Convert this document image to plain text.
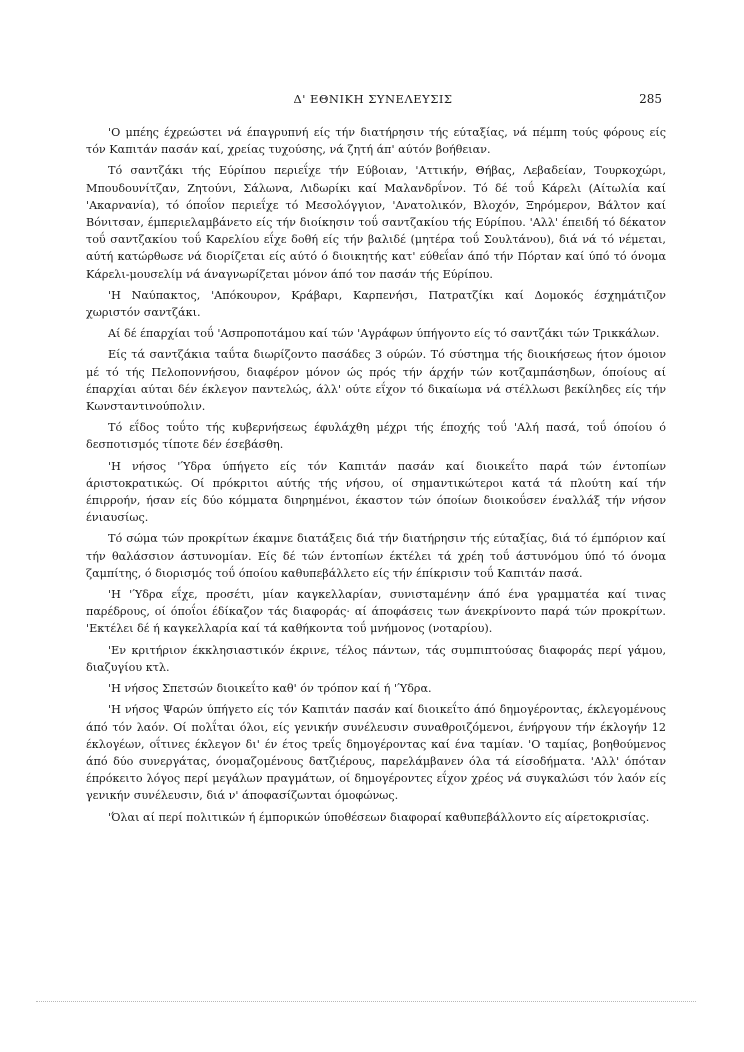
Δ' ΕΘΝΙΚΗ ΣΥΝΕΛΕΥΣΙΣ	285

'Ο μπέης έχρεώστει νά έπαγρυπνή είς τήν διατήρησιν τής εύταξίας, νά πέμπη τούς φόρους είς τόν Καπιτάν πασάν καί, χρείας τυχούσης, νά ζητή άπ' αύτόν βοήθειαν.

Τό σαντζάκι τής Εύρίπου περιεΐχε τήν Εύβοιαν, 'Αττικήν, Θήβας, Λεβαδείαν, Τουρκοχώρι, Μπουδουνίτζαν, Ζητούνι, Σάλωνα, Λιδωρίκι καί Μαλανδρΐνον. Τό δέ τοΰ Κάρελι (Αίτωλία καί 'Ακαρνανία), τό όποΐον περιεΐχε τό Μεσολόγγιον, 'Ανατολικόν, Βλοχόν, Ξηρόμερον, Βάλτον καί Βόνιτσαν, έμπεριελαμβάνετο είς τήν διοίκησιν τοΰ σαντζακίου τής Εύρίπου. 'Αλλ' έπειδή τό δέκατον τοΰ σαντζακίου τοΰ Καρελίου εΐχε δοθή είς τήν βαλιδέ (μητέρα τοΰ Σουλτάνου), διά νά τό νέμεται, αύτή κατώρθωσε νά διορίζεται είς αύτό ό διοικητής κατ' εύθεΐαν άπό τήν Πόρταν καί ύπό τό όνομα Κάρελι-μουσελίμ νά άναγνωρίζεται μόνον άπό τον πασάν τής Εύρίπου.

'Η Ναύπακτος, 'Απόκουρον, Κράβαρι, Καρπενήσι, Πατρατζίκι καί Δομοκός έσχημάτιζον χωριστόν σαντζάκι.

Αί δέ έπαρχίαι τοΰ 'Ασπροποτάμου καί τών 'Αγράφων ύπήγοντο είς τό σαντζάκι τών Τρικκάλων.

Είς τά σαντζάκια ταΰτα διωρίζοντο πασάδες 3 ούρών. Τό σύστημα τής διοικήσεως ήτον όμοιον μέ τό τής Πελοποννήσου, διαφέρον μόνον ώς πρός τήν άρχήν τών κοτζαμπάσηδων, όποίους αί έπαρχίαι αύται δέν έκλεγον παντελώς, άλλ' ούτε εΐχον τό δικαίωμα νά στέλλωσι βεκίληδες είς τήν Κωνσταντινούπολιν.

Τό εΐδος τοΰτο τής κυβερνήσεως έφυλάχθη μέχρι τής έποχής τοΰ 'Αλή πασά, τοΰ όποίου ό δεσποτισμός τίποτε δέν έσεβάσθη.

'Η νήσος 'Ύδρα ύπήγετο είς τόν Καπιτάν πασάν καί διοικεΐτο παρά τών έντοπίων άριστοκρατικώς. Οί πρόκριτοι αύτής τής νήσου, οί σημαντικώτεροι κατά τά πλούτη καί τήν έπιρροήν, ήσαν είς δύο κόμματα διηρημένοι, έκαστον τών όποίων διοικοΰσεν έναλλάξ τήν νήσον ένιαυσίως.

Τό σώμα τών προκρίτων έκαμνε διατάξεις διά τήν διατήρησιν τής εύταξίας, διά τό έμπόριον καί τήν θαλάσσιον άστυνομίαν. Είς δέ τών έντοπίων έκτέλει τά χρέη τοΰ άστυνόμου ύπό τό όνομα ζαμπίτης, ό διορισμός τοΰ όποίου καθυπεβάλλετο είς τήν έπίκρισιν τοΰ Καπιτάν πασά.

'Η 'Ύδρα εΐχε, προσέτι, μίαν καγκελλαρίαν, συνισταμένην άπό ένα γραμματέα καί τινας παρέδρους, οί όποΐοι έδίκαζον τάς διαφοράς· αί άποφάσεις των άνεκρίνοντο παρά τών προκρίτων. 'Εκτέλει δέ ή καγκελλαρία καί τά καθήκοντα τοΰ μνήμονος (νοταρίου).

'Εν κριτήριον έκκλησιαστικόν έκρινε, τέλος πάντων, τάς συμπιπτούσας διαφοράς περί γάμου, διαζυγίου κτλ.

'Η νήσος Σπετσών διοικεΐτο καθ' όν τρόπον καί ή 'Ύδρα.

'Η νήσος Ψαρών ύπήγετο είς τόν Καπιτάν πασάν καί διοικεΐτο άπό δημογέροντας, έκλεγομένους άπό τόν λαόν. Οί πολΐται όλοι, είς γενικήν συνέλευσιν συναθροιζόμενοι, ένήργουν τήν έκλογήν 12 έκλογέων, οΐτινες έκλεγον δι' έν έτος τρεΐς δημογέροντας καί ένα ταμίαν. 'Ο ταμίας, βοηθούμενος άπό δύο συνεργάτας, όνομαζομένους δατζιέρους, παρελάμβανεν όλα τά είσοδήματα. 'Αλλ' όπόταν έπρόκειτο λόγος περί μεγάλων πραγμάτων, οί δημογέροντες εΐχον χρέος νά συγκαλώσι τόν λαόν είς γενικήν συνέλευσιν, διά ν' άποφασίζωνται όμοφώνως.

'Όλαι αί περί πολιτικών ή έμπορικών ύποθέσεων διαφοραί καθυπεβάλλοντο είς αίρετοκρισίας.
